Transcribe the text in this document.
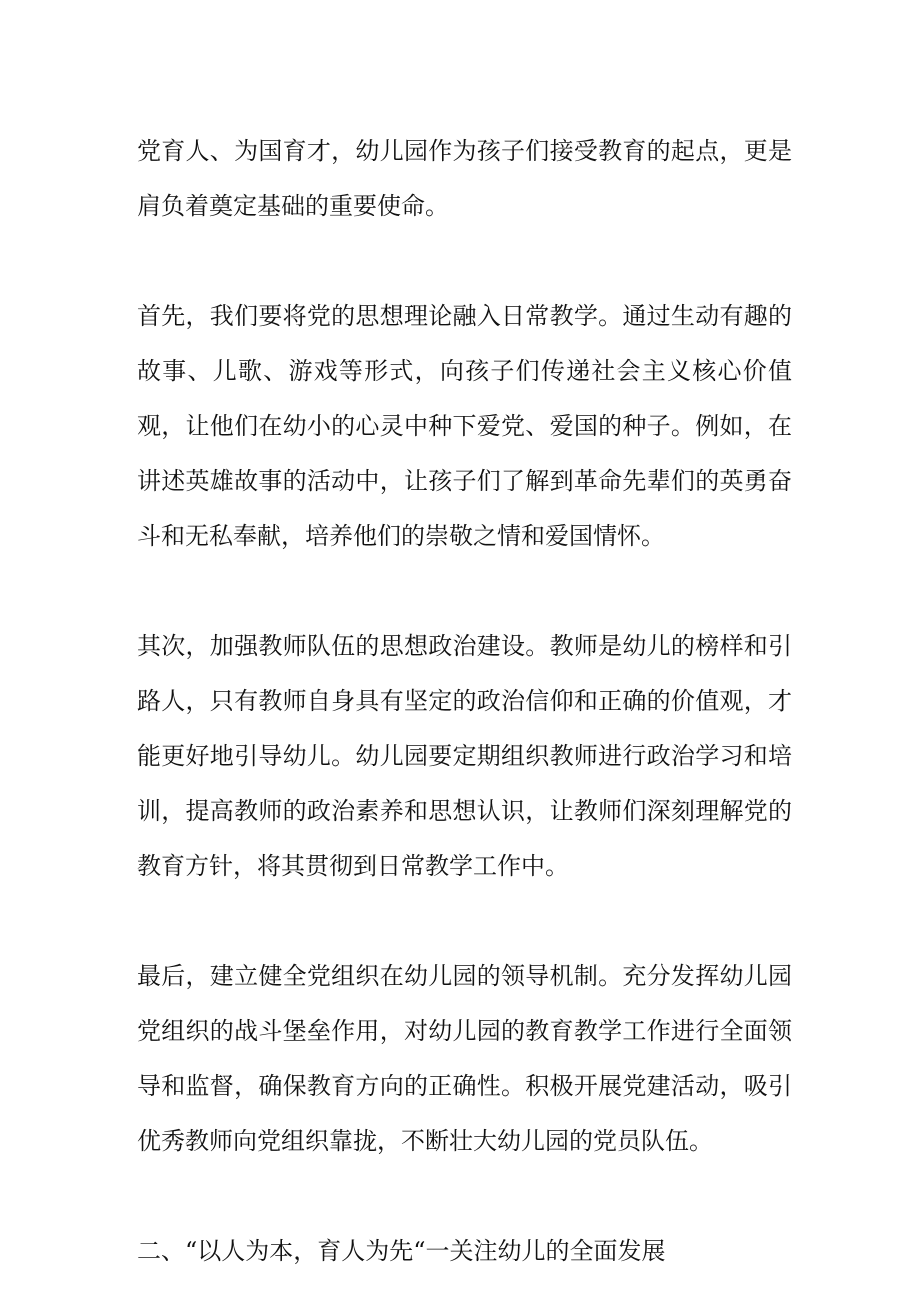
党育人、为国育才，幼儿园作为孩子们接受教育的起点，更是肩负着奠定基础的重要使命。

首先，我们要将党的思想理论融入日常教学。通过生动有趣的故事、儿歌、游戏等形式，向孩子们传递社会主义核心价值观，让他们在幼小的心灵中种下爱党、爱国的种子。例如，在讲述英雄故事的活动中，让孩子们了解到革命先辈们的英勇奋斗和无私奉献，培养他们的崇敬之情和爱国情怀。

其次，加强教师队伍的思想政治建设。教师是幼儿的榜样和引路人，只有教师自身具有坚定的政治信仰和正确的价值观，才能更好地引导幼儿。幼儿园要定期组织教师进行政治学习和培训，提高教师的政治素养和思想认识，让教师们深刻理解党的教育方针，将其贯彻到日常教学工作中。

最后，建立健全党组织在幼儿园的领导机制。充分发挥幼儿园党组织的战斗堡垒作用，对幼儿园的教育教学工作进行全面领导和监督，确保教育方向的正确性。积极开展党建活动，吸引优秀教师向党组织靠拢，不断壮大幼儿园的党员队伍。

二、“以人为本，育人为先“一关注幼儿的全面发展
